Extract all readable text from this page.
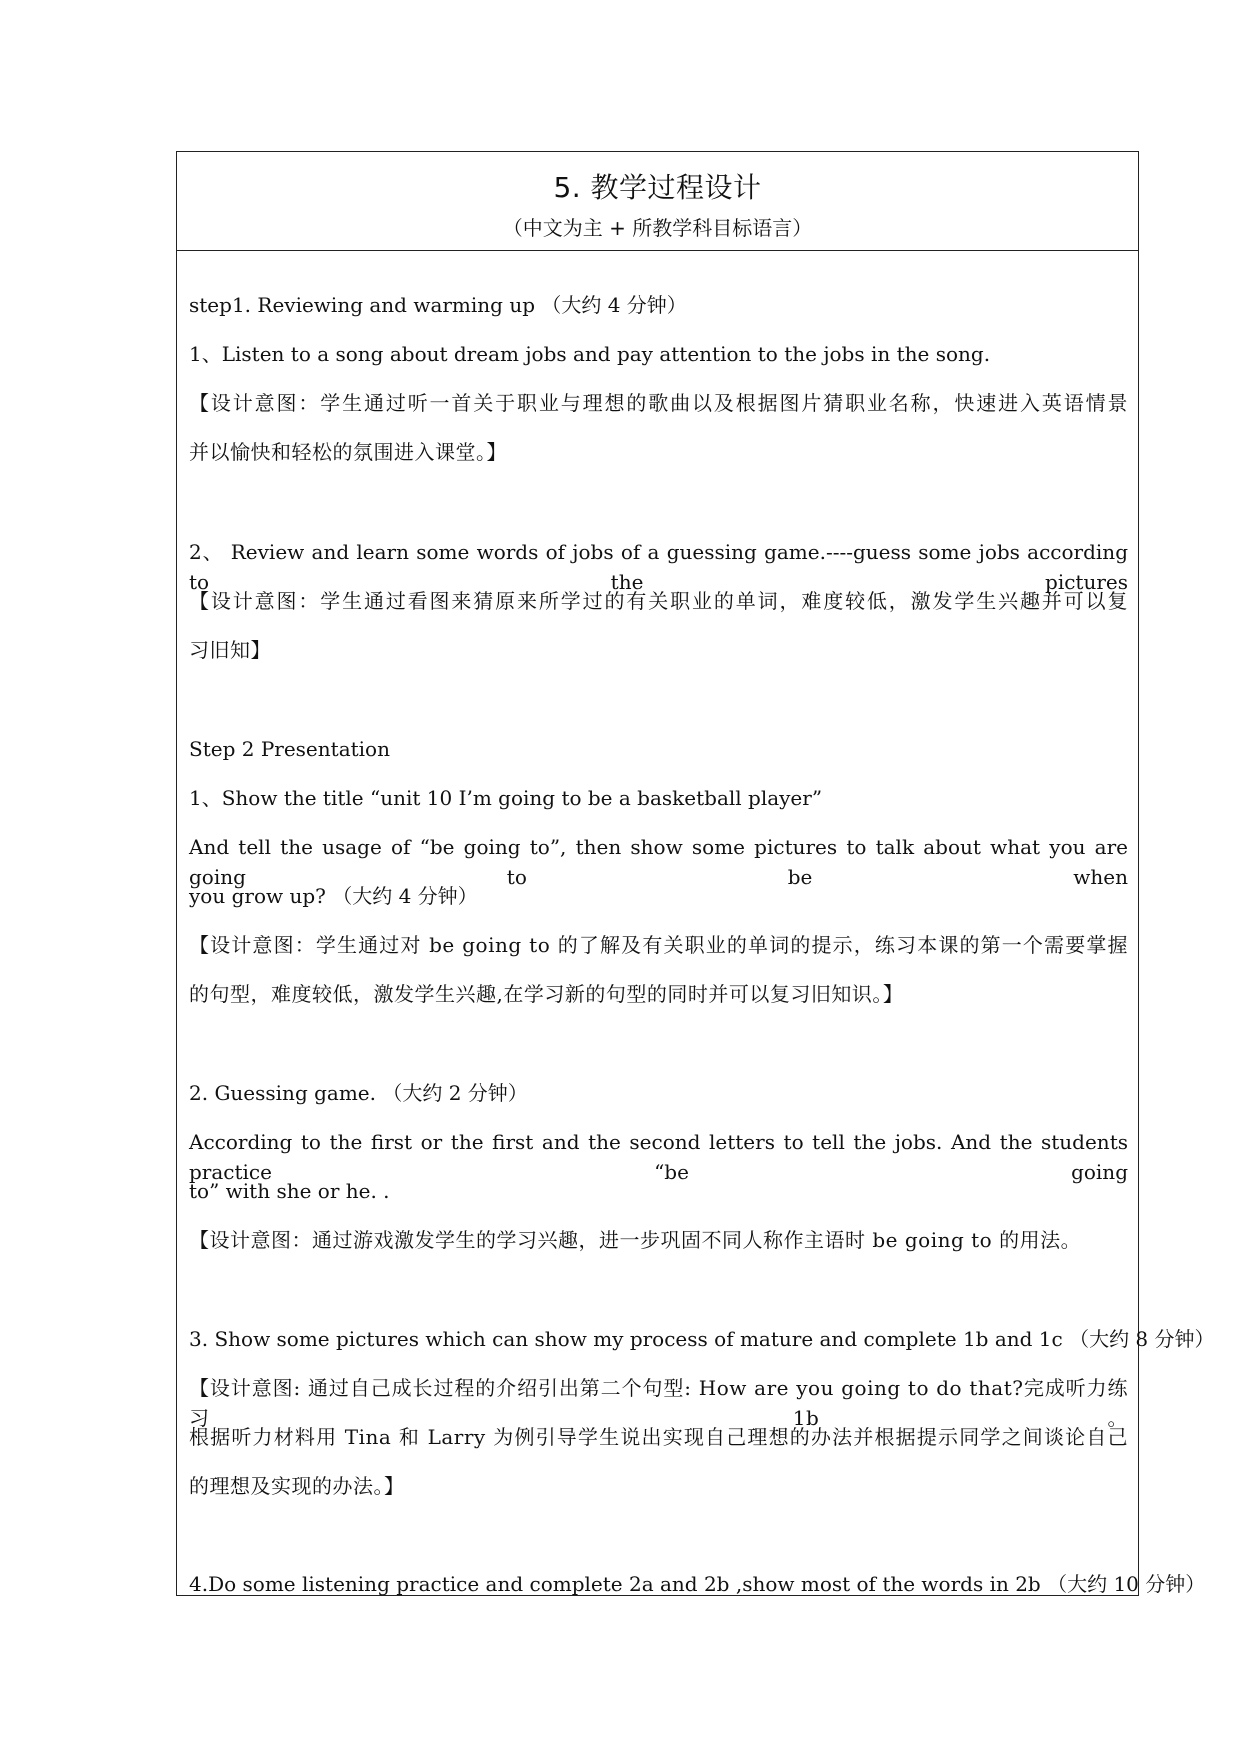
5. 教学过程设计
（中文为主 + 所教学科目标语言）
step1. Reviewing and warming up （大约 4 分钟）
1、Listen to a song about dream jobs and pay attention to the jobs in the song.
【设计意图：学生通过听一首关于职业与理想的歌曲以及根据图片猜职业名称，快速进入英语情景
并以愉快和轻松的氛围进入课堂。】
2、 Review and learn some words of jobs of a guessing game.----guess some jobs according to the pictures
【设计意图：学生通过看图来猜原来所学过的有关职业的单词，难度较低，激发学生兴趣并可以复
习旧知】
Step 2 Presentation
1、Show the title “unit 10 I’m going to be a basketball player”
And tell the usage of “be going to”, then show some pictures to talk about what you are going to be when
you grow up? （大约 4 分钟）
【设计意图：学生通过对 be going to 的了解及有关职业的单词的提示，练习本课的第一个需要掌握
的句型，难度较低，激发学生兴趣,在学习新的句型的同时并可以复习旧知识。】
2. Guessing game. （大约 2 分钟）
According to the first or the first and the second letters to tell the jobs. And the students practice “be going
to” with she or he. .
【设计意图：通过游戏激发学生的学习兴趣，进一步巩固不同人称作主语时 be going to 的用法。
3. Show some pictures which can show my process of mature and complete 1b and 1c （大约 8 分钟）
【设计意图: 通过自己成长过程的介绍引出第二个句型: How are you going to do that?完成听力练习 1b。
根据听力材料用 Tina 和 Larry 为例引导学生说出实现自己理想的办法并根据提示同学之间谈论自己
的理想及实现的办法。】
4.Do some listening practice and complete 2a and 2b ,show most of the words in 2b （大约 10 分钟）
